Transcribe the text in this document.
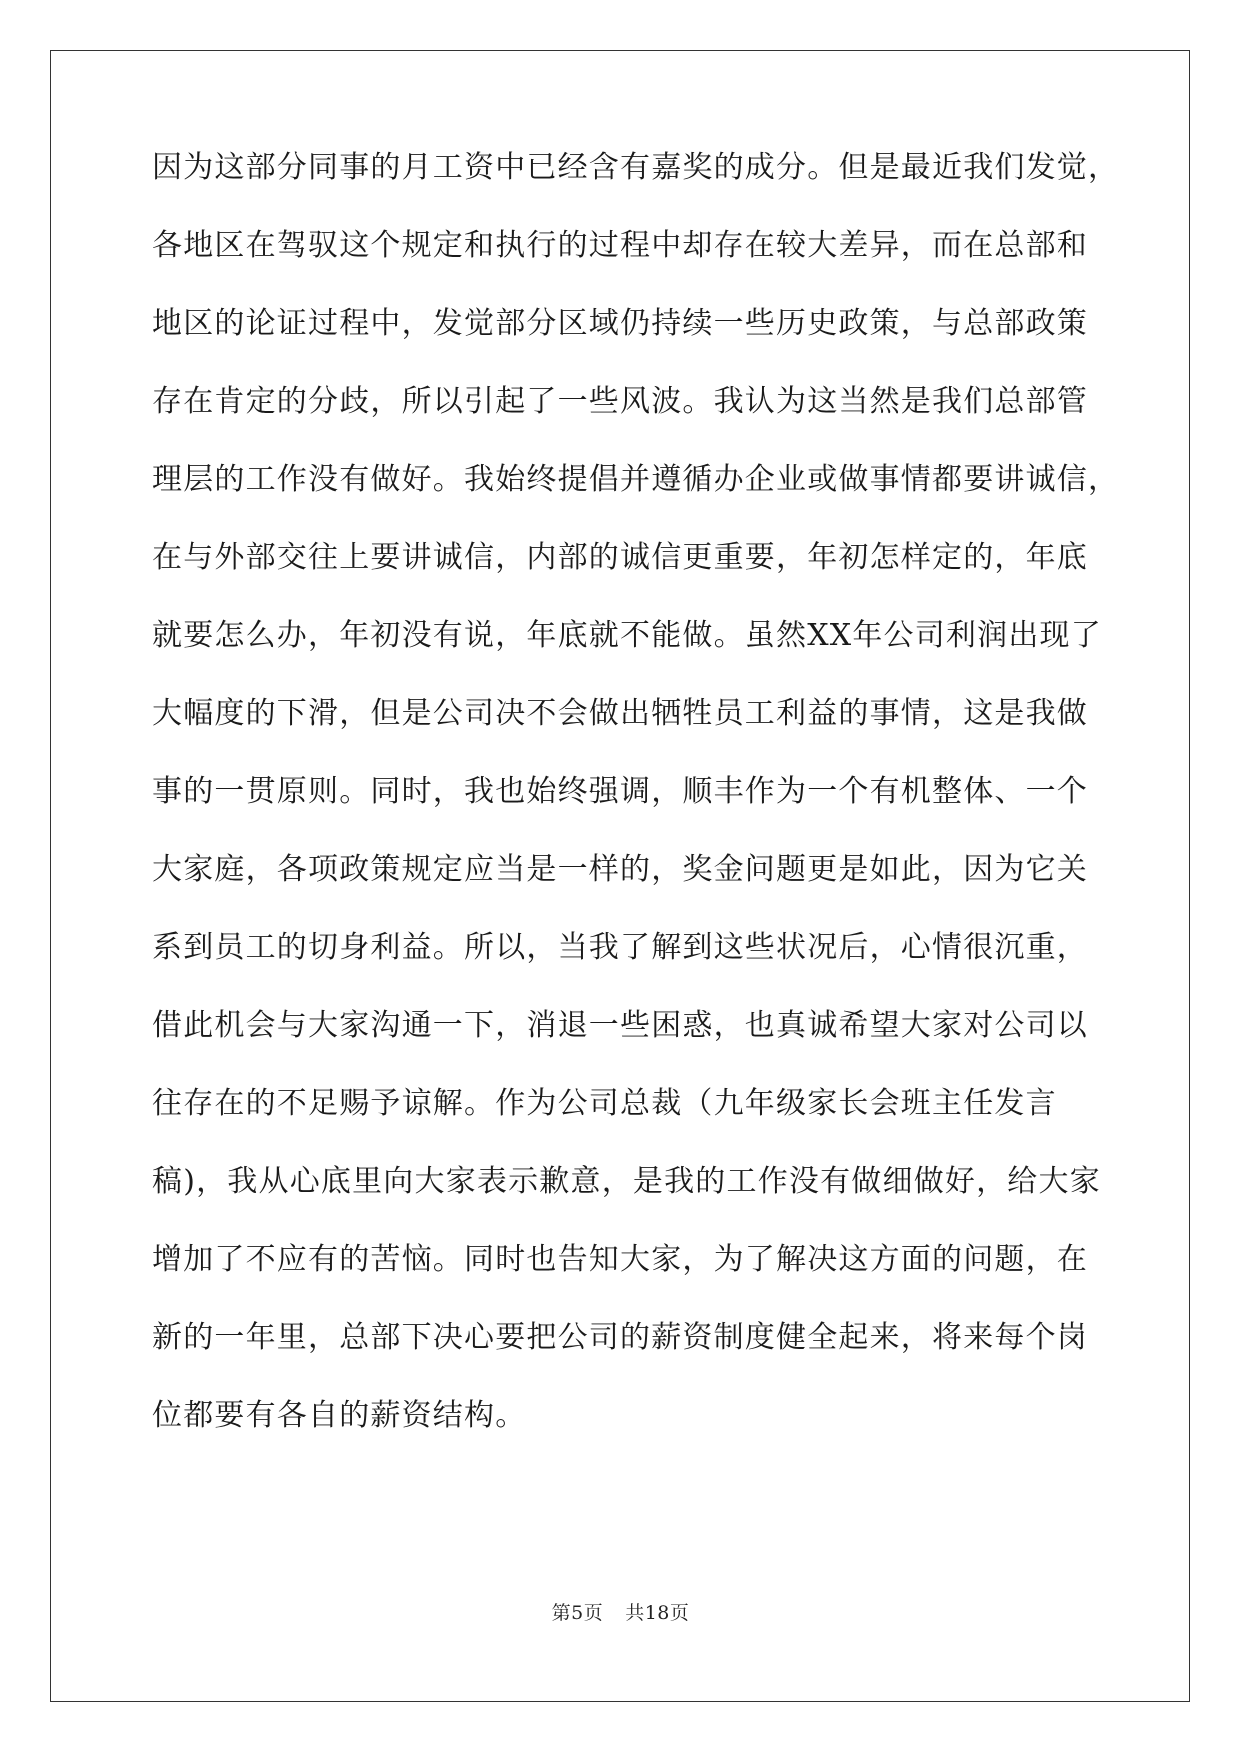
因为这部分同事的月工资中已经含有嘉奖的成分。但是最近我们发觉，

各地区在驾驭这个规定和执行的过程中却存在较大差异，而在总部和

地区的论证过程中，发觉部分区域仍持续一些历史政策，与总部政策

存在肯定的分歧，所以引起了一些风波。我认为这当然是我们总部管

理层的工作没有做好。我始终提倡并遵循办企业或做事情都要讲诚信，

在与外部交往上要讲诚信，内部的诚信更重要，年初怎样定的，年底

就要怎么办，年初没有说，年底就不能做。虽然XX年公司利润出现了

大幅度的下滑，但是公司决不会做出牺牲员工利益的事情，这是我做

事的一贯原则。同时，我也始终强调，顺丰作为一个有机整体、一个

大家庭，各项政策规定应当是一样的，奖金问题更是如此，因为它关

系到员工的切身利益。所以，当我了解到这些状况后，心情很沉重，

借此机会与大家沟通一下，消退一些困惑，也真诚希望大家对公司以

往存在的不足赐予谅解。作为公司总裁（九年级家长会班主任发言

稿)，我从心底里向大家表示歉意，是我的工作没有做细做好，给大家

增加了不应有的苦恼。同时也告知大家，为了解决这方面的问题，在

新的一年里，总部下决心要把公司的薪资制度健全起来，将来每个岗

位都要有各自的薪资结构。

第5页 共18页
